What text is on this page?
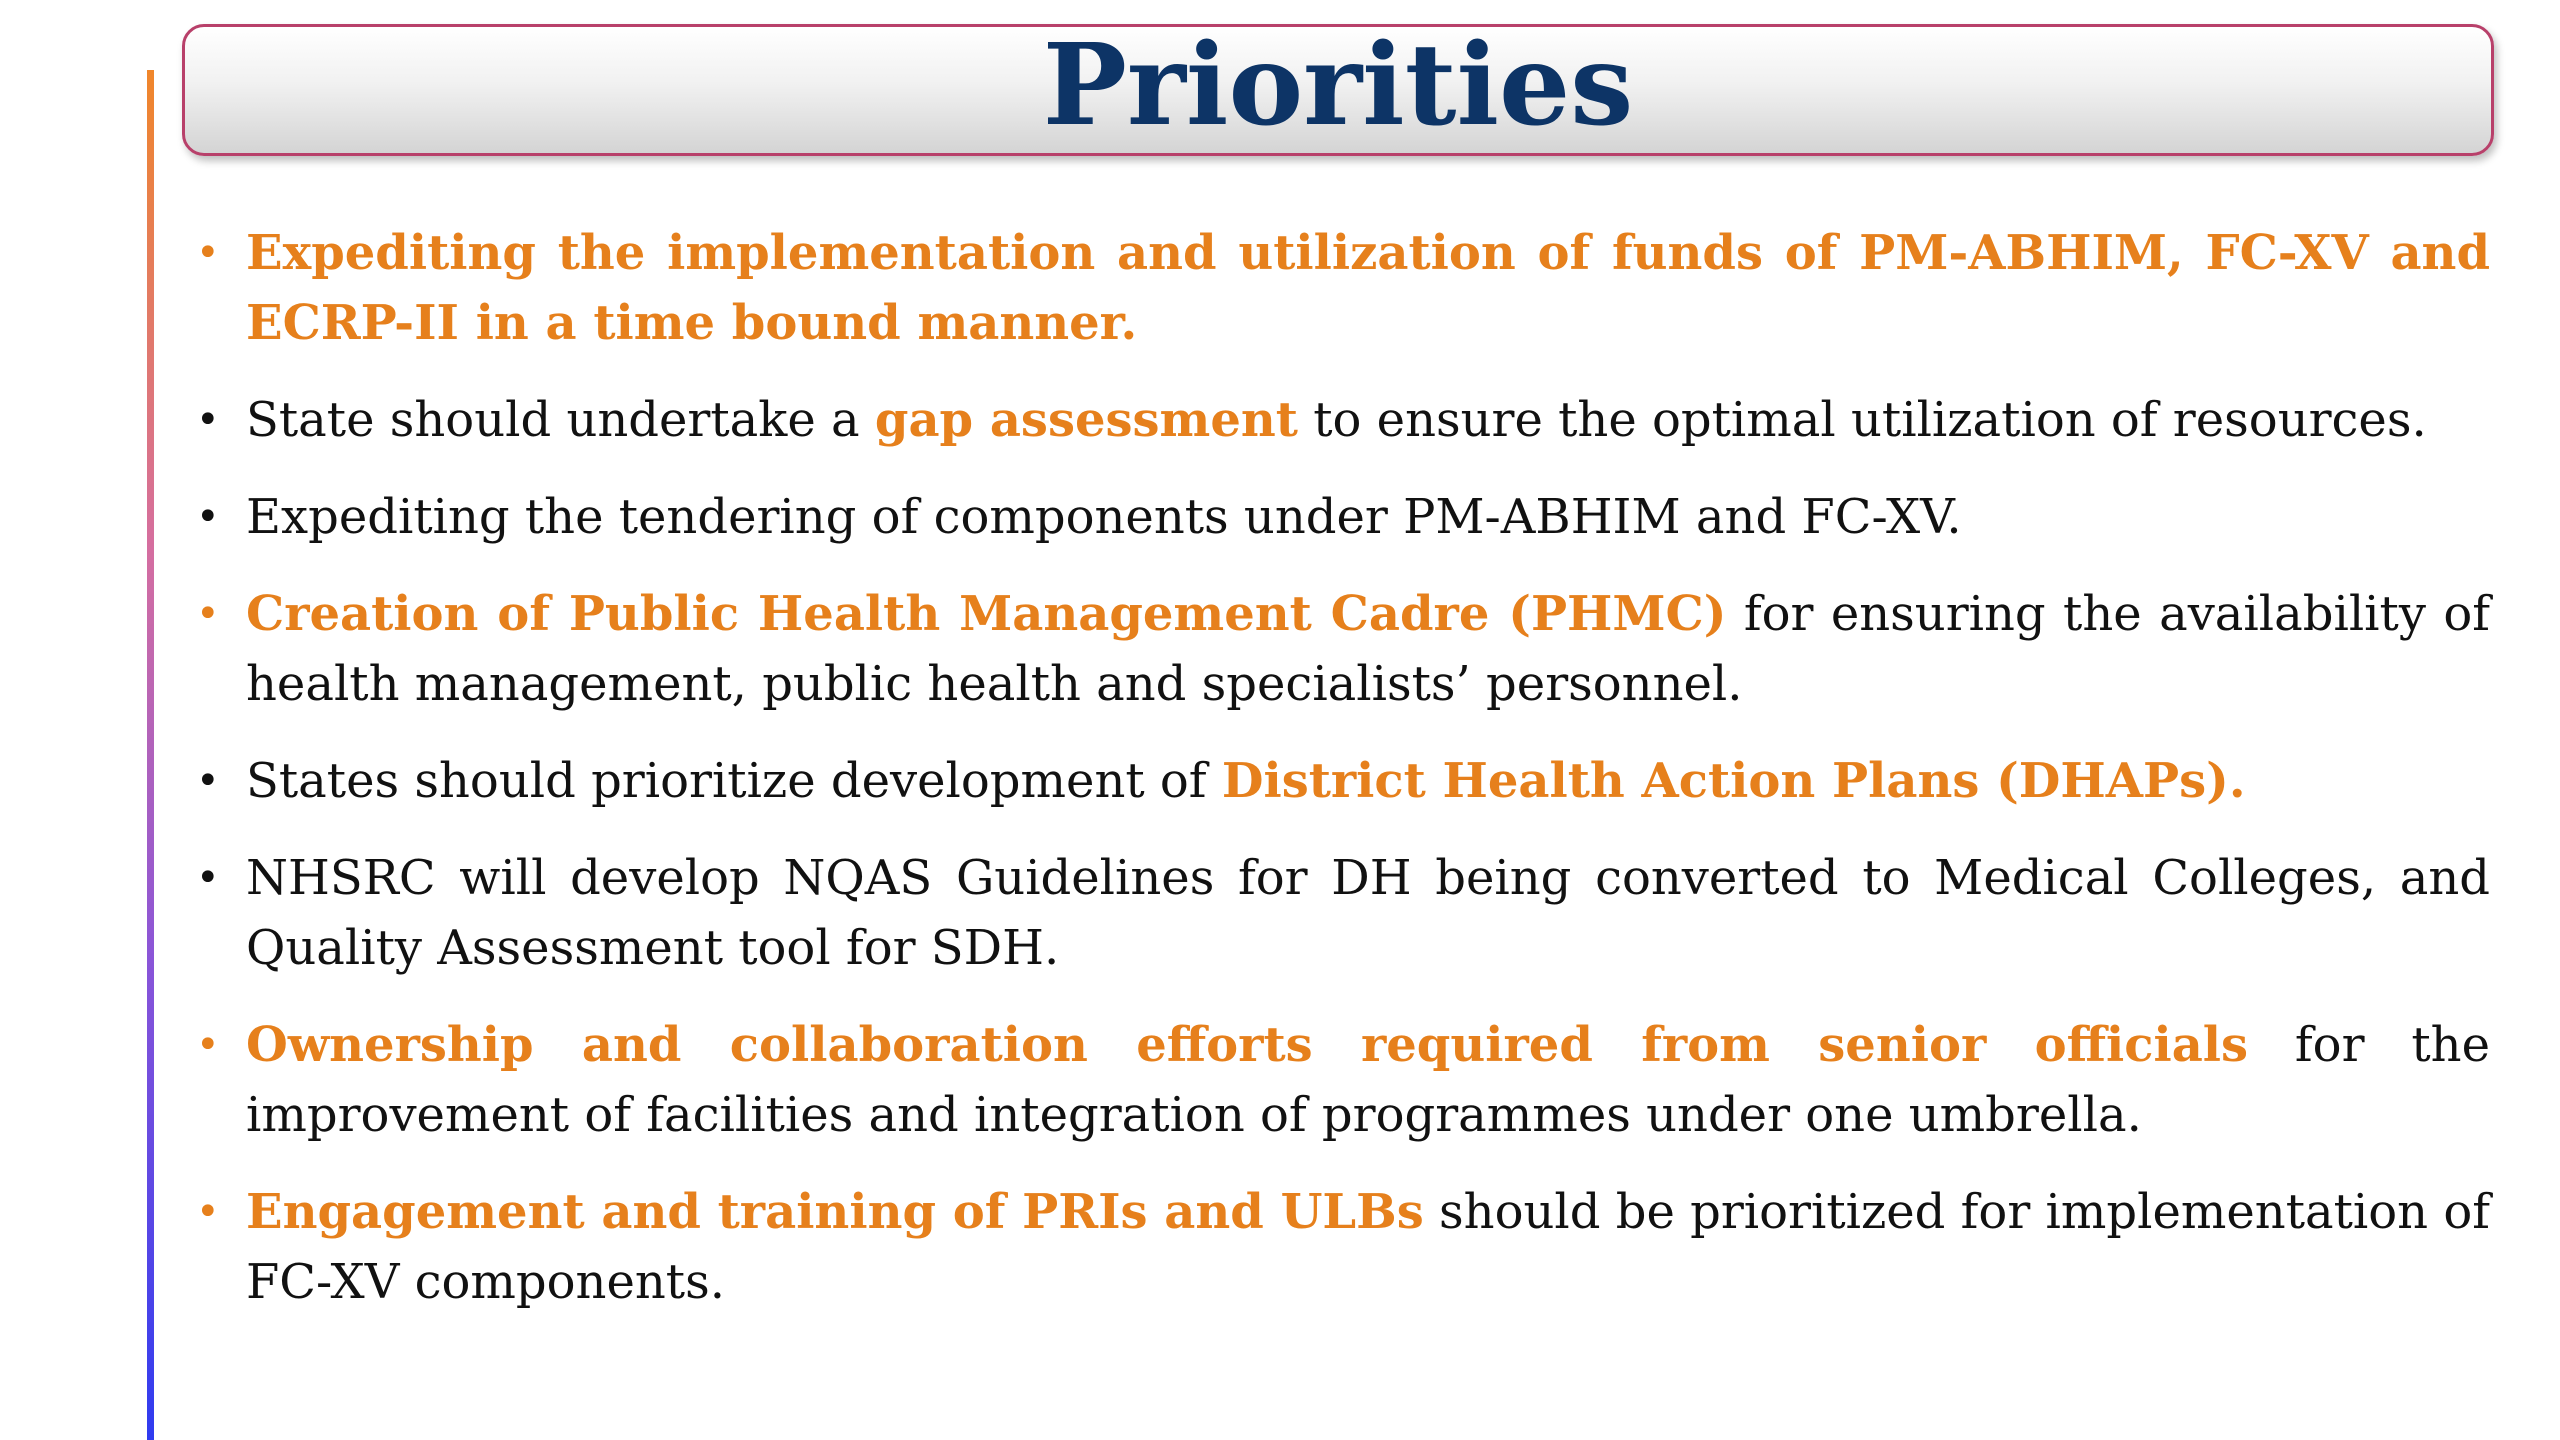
Priorities
• Expediting the implementation and utilization of funds of PM-ABHIM, FC-XV and ECRP-II in a time bound manner.
• State should undertake a gap assessment to ensure the optimal utilization of resources.
• Expediting the tendering of components under PM-ABHIM and FC-XV.
• Creation of Public Health Management Cadre (PHMC) for ensuring the availability of health management, public health and specialists’ personnel.
• States should prioritize development of District Health Action Plans (DHAPs).
• NHSRC will develop NQAS Guidelines for DH being converted to Medical Colleges, and Quality Assessment tool for SDH.
• Ownership and collaboration efforts required from senior officials for the improvement of facilities and integration of programmes under one umbrella.
• Engagement and training of PRIs and ULBs should be prioritized for implementation of FC-XV components.
